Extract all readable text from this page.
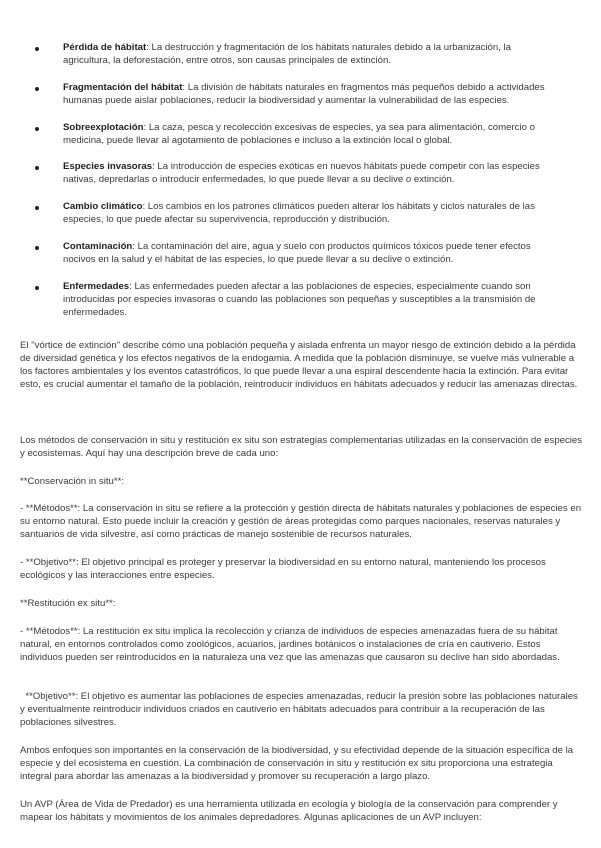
Pérdida de hábitat: La destrucción y fragmentación de los hábitats naturales debido a la urbanización, la agricultura, la deforestación, entre otros, son causas principales de extinción.
Fragmentación del hábitat: La división de hábitats naturales en fragmentos más pequeños debido a actividades humanas puede aislar poblaciones, reducir la biodiversidad y aumentar la vulnerabilidad de las especies.
Sobreexplotación: La caza, pesca y recolección excesivas de especies, ya sea para alimentación, comercio o medicina, puede llevar al agotamiento de poblaciones e incluso a la extinción local o global.
Especies invasoras: La introducción de especies exóticas en nuevos hábitats puede competir con las especies nativas, depredarlas o introducir enfermedades, lo que puede llevar a su declive o extinción.
Cambio climático: Los cambios en los patrones climáticos pueden alterar los hábitats y ciclos naturales de las especies, lo que puede afectar su supervivencia, reproducción y distribución.
Contaminación: La contaminación del aire, agua y suelo con productos químicos tóxicos puede tener efectos nocivos en la salud y el hábitat de las especies, lo que puede llevar a su declive o extinción.
Enfermedades: Las enfermedades pueden afectar a las poblaciones de especies, especialmente cuando son introducidas por especies invasoras o cuando las poblaciones son pequeñas y susceptibles a la transmisión de enfermedades.

El "vórtice de extinción" describe cómo una población pequeña y aislada enfrenta un mayor riesgo de extinción debido a la pérdida de diversidad genética y los efectos negativos de la endogamia. A medida que la población disminuye, se vuelve más vulnerable a los factores ambientales y los eventos catastróficos, lo que puede llevar a una espiral descendente hacia la extinción. Para evitar esto, es crucial aumentar el tamaño de la población, reintroducir individuos en hábitats adecuados y reducir las amenazas directas.

Los métodos de conservación in situ y restitución ex situ son estrategias complementarias utilizadas en la conservación de especies y ecosistemas. Aquí hay una descripción breve de cada uno:

**Conservación in situ**:

- **Métodos**: La conservación in situ se refiere a la protección y gestión directa de hábitats naturales y poblaciones de especies en su entorno natural. Esto puede incluir la creación y gestión de áreas protegidas como parques nacionales, reservas naturales y santuarios de vida silvestre, así como prácticas de manejo sostenible de recursos naturales.

- **Objetivo**: El objetivo principal es proteger y preservar la biodiversidad en su entorno natural, manteniendo los procesos ecológicos y las interacciones entre especies.

**Restitución ex situ**:

- **Métodos**: La restitución ex situ implica la recolección y crianza de individuos de especies amenazadas fuera de su hábitat natural, en entornos controlados como zoológicos, acuarios, jardines botánicos o instalaciones de cría en cautiverio. Estos individuos pueden ser reintroducidos en la naturaleza una vez que las amenazas que causaron su declive han sido abordadas.

**Objetivo**: El objetivo es aumentar las poblaciones de especies amenazadas, reducir la presión sobre las poblaciones naturales y eventualmente reintroducir individuos criados en cautiverio en hábitats adecuados para contribuir a la recuperación de las poblaciones silvestres.

Ambos enfoques son importantes en la conservación de la biodiversidad, y su efectividad depende de la situación específica de la especie y del ecosistema en cuestión. La combinación de conservación in situ y restitución ex situ proporciona una estrategia integral para abordar las amenazas a la biodiversidad y promover su recuperación a largo plazo.

Un AVP (Área de Vida de Predador) es una herramienta utilizada en ecología y biología de la conservación para comprender y mapear los hábitats y movimientos de los animales depredadores. Algunas aplicaciones de un AVP incluyen:
